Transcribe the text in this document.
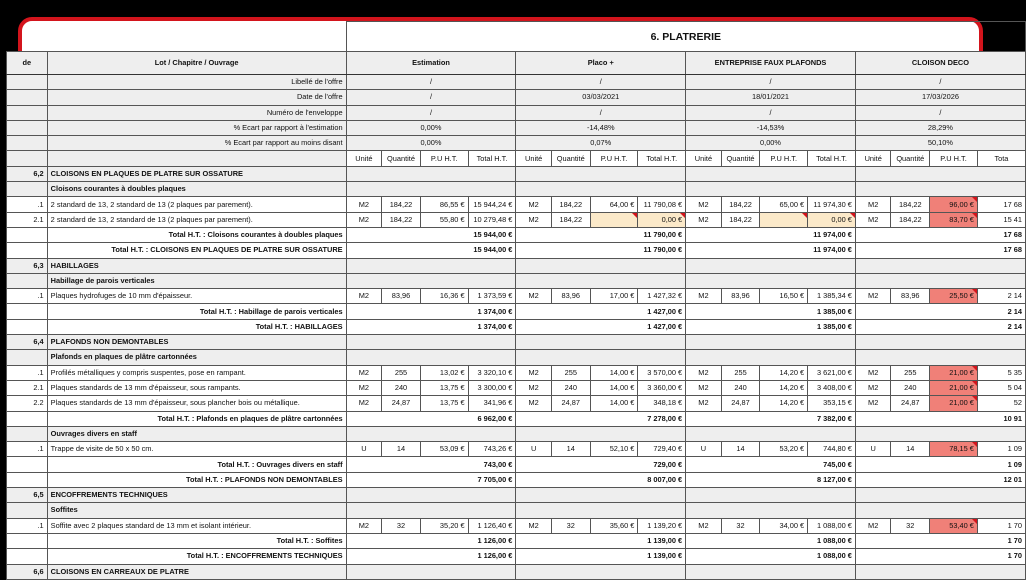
		6. PLATRERIE															
de	Lot / Chapitre / Ouvrage	Estimation				Placo +				ENTREPRISE FAUX PLAFONDS				CLOISON DECO			
	Libellé de l'offre	/				/				/				/			
	Date de l'offre	/				03/03/2021				18/01/2021				17/03/2026			
	Numéro de l'enveloppe	/				/				/				/			
	% Ecart par rapport à l'estimation	0,00%				-14,48%				-14,53%				28,29%			
	% Ecart par rapport au moins disant	0,00%				0,07%				0,00%				50,10%			
		Unité	Quantité	P.U H.T.	Total H.T.	Unité	Quantité	P.U H.T.	Total H.T.	Unité	Quantité	P.U H.T.	Total H.T.	Unité	Quantité	P.U H.T.	Tota
6,2	CLOISONS EN PLAQUES DE PLATRE SUR OSSATURE																
	Cloisons courantes à doubles plaques																
.1	2 standard de 13, 2 standard de 13 (2 plaques par parement).	M2	184,22	86,55 €	15 944,24 €	M2	184,22	64,00 €	11 790,08 €	M2	184,22	65,00 €	11 974,30 €	M2	184,22	96,00 €	17 68
2.1	2 standard de 13, 2 standard de 13 (2 plaques par parement).	M2	184,22	55,80 €	10 279,48 €	M2	184,22		0,00 €	M2	184,22		0,00 €	M2	184,22	83,70 €	15 41
	Total H.T. : Cloisons courantes à doubles plaques	15 944,00 €				11 790,00 €				11 974,00 €				17 68			
	Total H.T. : CLOISONS EN PLAQUES DE PLATRE SUR OSSATURE	15 944,00 €				11 790,00 €				11 974,00 €				17 68			
6,3	HABILLAGES																
	Habillage de parois verticales																
.1	Plaques hydrofuges de 10 mm d'épaisseur.	M2	83,96	16,36 €	1 373,59 €	M2	83,96	17,00 €	1 427,32 €	M2	83,96	16,50 €	1 385,34 €	M2	83,96	25,50 €	2 14
	Total H.T. : Habillage de parois verticales	1 374,00 €				1 427,00 €				1 385,00 €				2 14			
	Total H.T. : HABILLAGES	1 374,00 €				1 427,00 €				1 385,00 €				2 14			
6,4	PLAFONDS NON DEMONTABLES																
	Plafonds en plaques de plâtre cartonnées																
.1	Profilés métalliques y compris suspentes, pose en rampant.	M2	255	13,02 €	3 320,10 €	M2	255	14,00 €	3 570,00 €	M2	255	14,20 €	3 621,00 €	M2	255	21,00 €	5 35
2.1	Plaques standards de 13 mm d'épaisseur, sous rampants.	M2	240	13,75 €	3 300,00 €	M2	240	14,00 €	3 360,00 €	M2	240	14,20 €	3 408,00 €	M2	240	21,00 €	5 04
2.2	Plaques standards de 13 mm d'épaisseur, sous plancher bois ou métallique.	M2	24,87	13,75 €	341,96 €	M2	24,87	14,00 €	348,18 €	M2	24,87	14,20 €	353,15 €	M2	24,87	21,00 €	52
	Total H.T. : Plafonds en plaques de plâtre cartonnées	6 962,00 €				7 278,00 €				7 382,00 €				10 91			
	Ouvrages divers en staff																
.1	Trappe de visite de 50 x 50 cm.	U	14	53,09 €	743,26 €	U	14	52,10 €	729,40 €	U	14	53,20 €	744,80 €	U	14	78,15 €	1 09
	Total H.T. : Ouvrages divers en staff	743,00 €				729,00 €				745,00 €				1 09			
	Total H.T. : PLAFONDS NON DEMONTABLES	7 705,00 €				8 007,00 €				8 127,00 €				12 01			
6,5	ENCOFFREMENTS TECHNIQUES																
	Soffites																
.1	Soffite avec 2 plaques standard de 13 mm et isolant intérieur.	M2	32	35,20 €	1 126,40 €	M2	32	35,60 €	1 139,20 €	M2	32	34,00 €	1 088,00 €	M2	32	53,40 €	1 70
	Total H.T. : Soffites	1 126,00 €				1 139,00 €				1 088,00 €				1 70			
	Total H.T. : ENCOFFREMENTS TECHNIQUES	1 126,00 €				1 139,00 €				1 088,00 €				1 70			
6,6	CLOISONS EN CARREAUX DE PLATRE																
